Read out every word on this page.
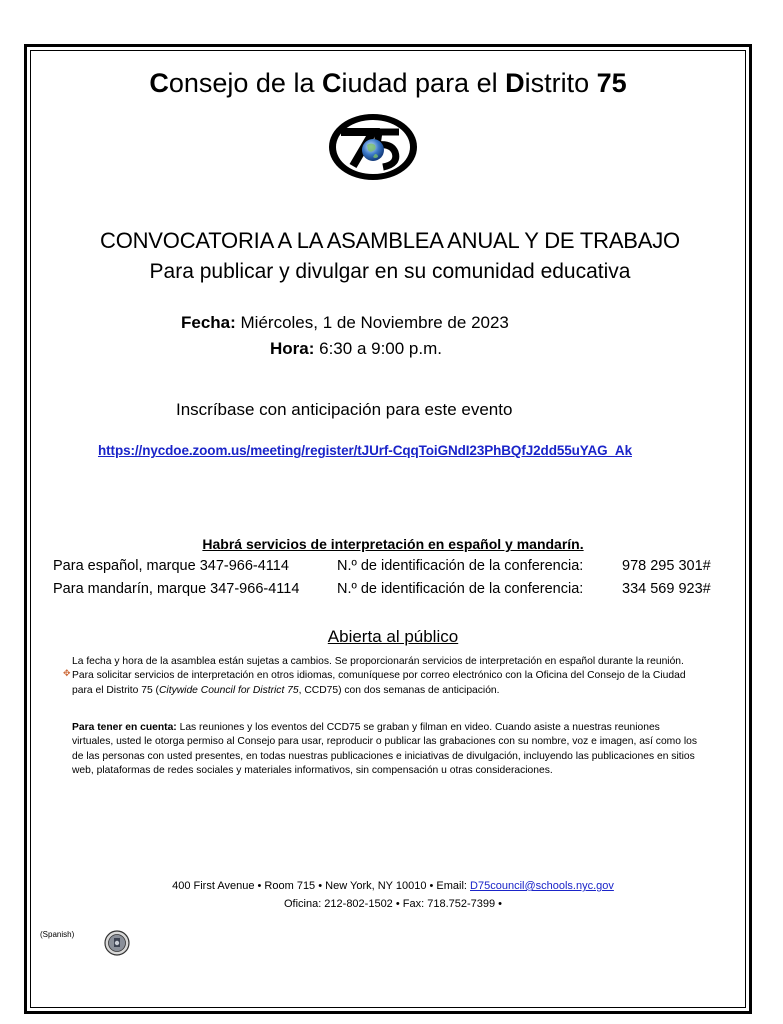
Consejo de la Ciudad para el Distrito 75
CONVOCATORIA A LA ASAMBLEA ANUAL Y DE TRABAJO
Para publicar y divulgar en su comunidad educativa
Fecha: Miércoles, 1 de Noviembre de 2023
Hora: 6:30 a 9:00 p.m.
Inscríbase con anticipación para este evento
https://nycdoe.zoom.us/meeting/register/tJUrf-CqqToiGNdI23PhBQfJ2dd55uYAG_Ak
Habrá servicios de interpretación en español y mandarín.
Para español, marque 347-966-4114	N.º de identificación de la conferencia:	978 295 301#
Para mandarín, marque 347-966-4114	N.º de identificación de la conferencia:	334 569 923#
Abierta al público
✥
La fecha y hora de la asamblea están sujetas a cambios. Se proporcionarán servicios de interpretación en español durante la reunión. Para solicitar servicios de interpretación en otros idiomas, comuníquese por correo electrónico con la Oficina del Consejo de la Ciudad para el Distrito 75 (Citywide Council for District 75, CCD75) con dos semanas de anticipación.
Para tener en cuenta: Las reuniones y los eventos del CCD75 se graban y filman en video. Cuando asiste a nuestras reuniones virtuales, usted le otorga permiso al Consejo para usar, reproducir o publicar las grabaciones con su nombre, voz e imagen, así como los de las personas con usted presentes, en todas nuestras publicaciones e iniciativas de divulgación, incluyendo las publicaciones en sitios web, plataformas de redes sociales y materiales informativos, sin compensación u otras consideraciones.
400 First Avenue • Room 715 • New York, NY 10010 • Email: D75council@schools.nyc.gov
Oficina: 212-802-1502 • Fax: 718.752-7399 •
(Spanish)
